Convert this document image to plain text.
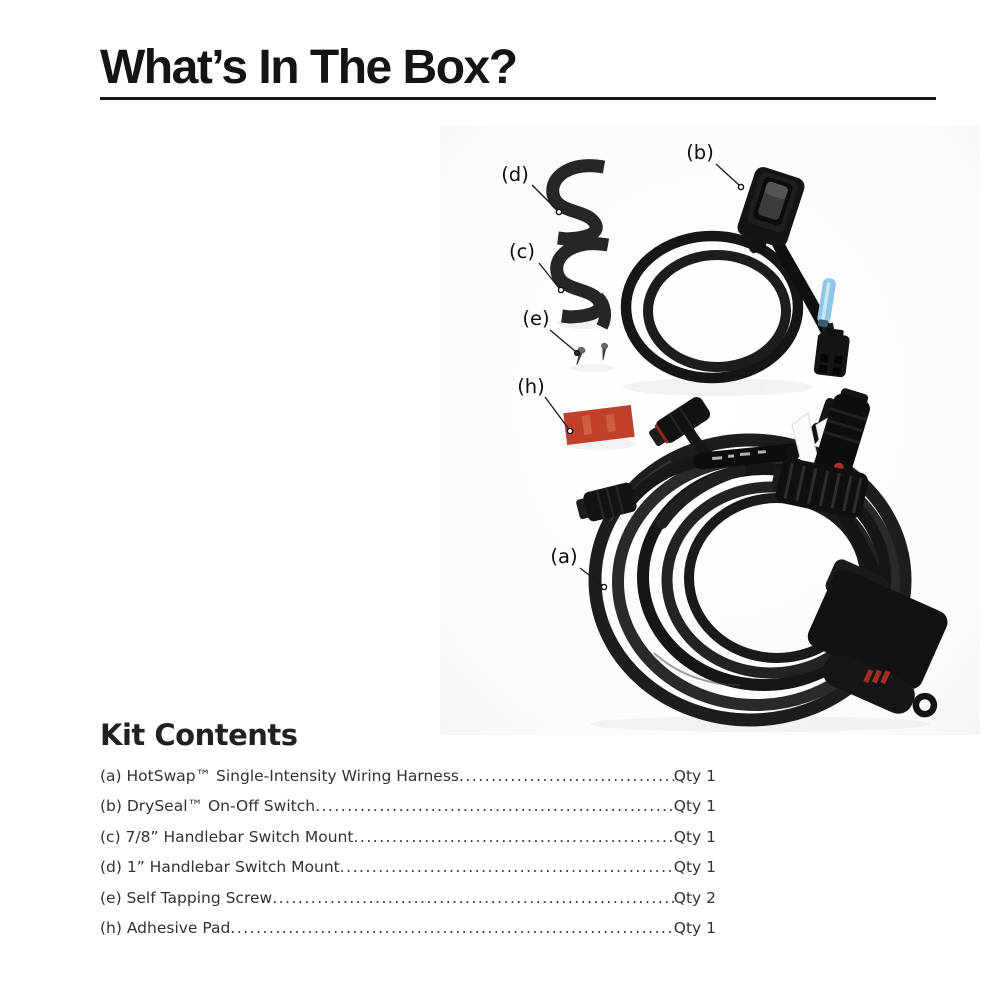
What’s In The Box?
(d)
(c)
(e)
(h)
(b)
(a)
Kit Contents
(a) HotSwap™ Single-Intensity Wiring Harness .....	Qty 1
(b) DrySeal™ On-Off Switch .....	Qty 1
(c) 7/8” Handlebar Switch Mount .....	Qty 1
(d) 1” Handlebar Switch Mount .....	Qty 1
(e) Self Tapping Screw .....	Qty 2
(h) Adhesive Pad .....	Qty 1
